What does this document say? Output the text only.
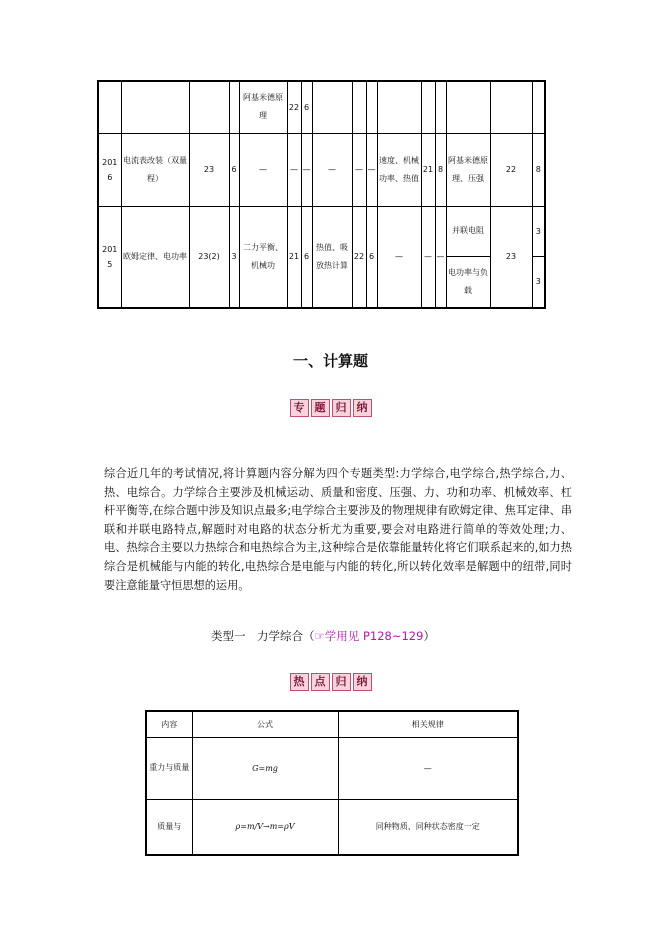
				阿基米德原理	22	6									
2016	电流表改装（双量程）	23	6	—	—	—	—	—	—	速度、机械功率、热值	21	8	阿基米德原理、压强	22	8
2015	欧姆定律、电功率	23(2)	3	二力平衡、机械功	21	6	热值、吸放热计算	22	6	—	—	—	并联电阻	23	3
													电功率与负载		3
一、计算题
专 题 归 纳
综合近几年的考试情况,将计算题内容分解为四个专题类型:力学综合,电学综合,热学综合,力、热、电综合。力学综合主要涉及机械运动、质量和密度、压强、力、功和功率、机械效率、杠杆平衡等,在综合题中涉及知识点最多;电学综合主要涉及的物理规律有欧姆定律、焦耳定律、串联和并联电路特点,解题时对电路的状态分析尤为重要,要会对电路进行简单的等效处理;力、电、热综合主要以力热综合和电热综合为主,这种综合是依靠能量转化将它们联系起来的,如力热综合是机械能与内能的转化,电热综合是电能与内能的转化,所以转化效率是解题中的纽带,同时要注意能量守恒思想的运用。
类型一　力学综合（☞学用见 P128~129）
热 点 归 纳
内容	公式	相关规律
重力与质量	G=mg	—
质量与	ρ=m/V→m=ρV	同种物质、同种状态密度一定
